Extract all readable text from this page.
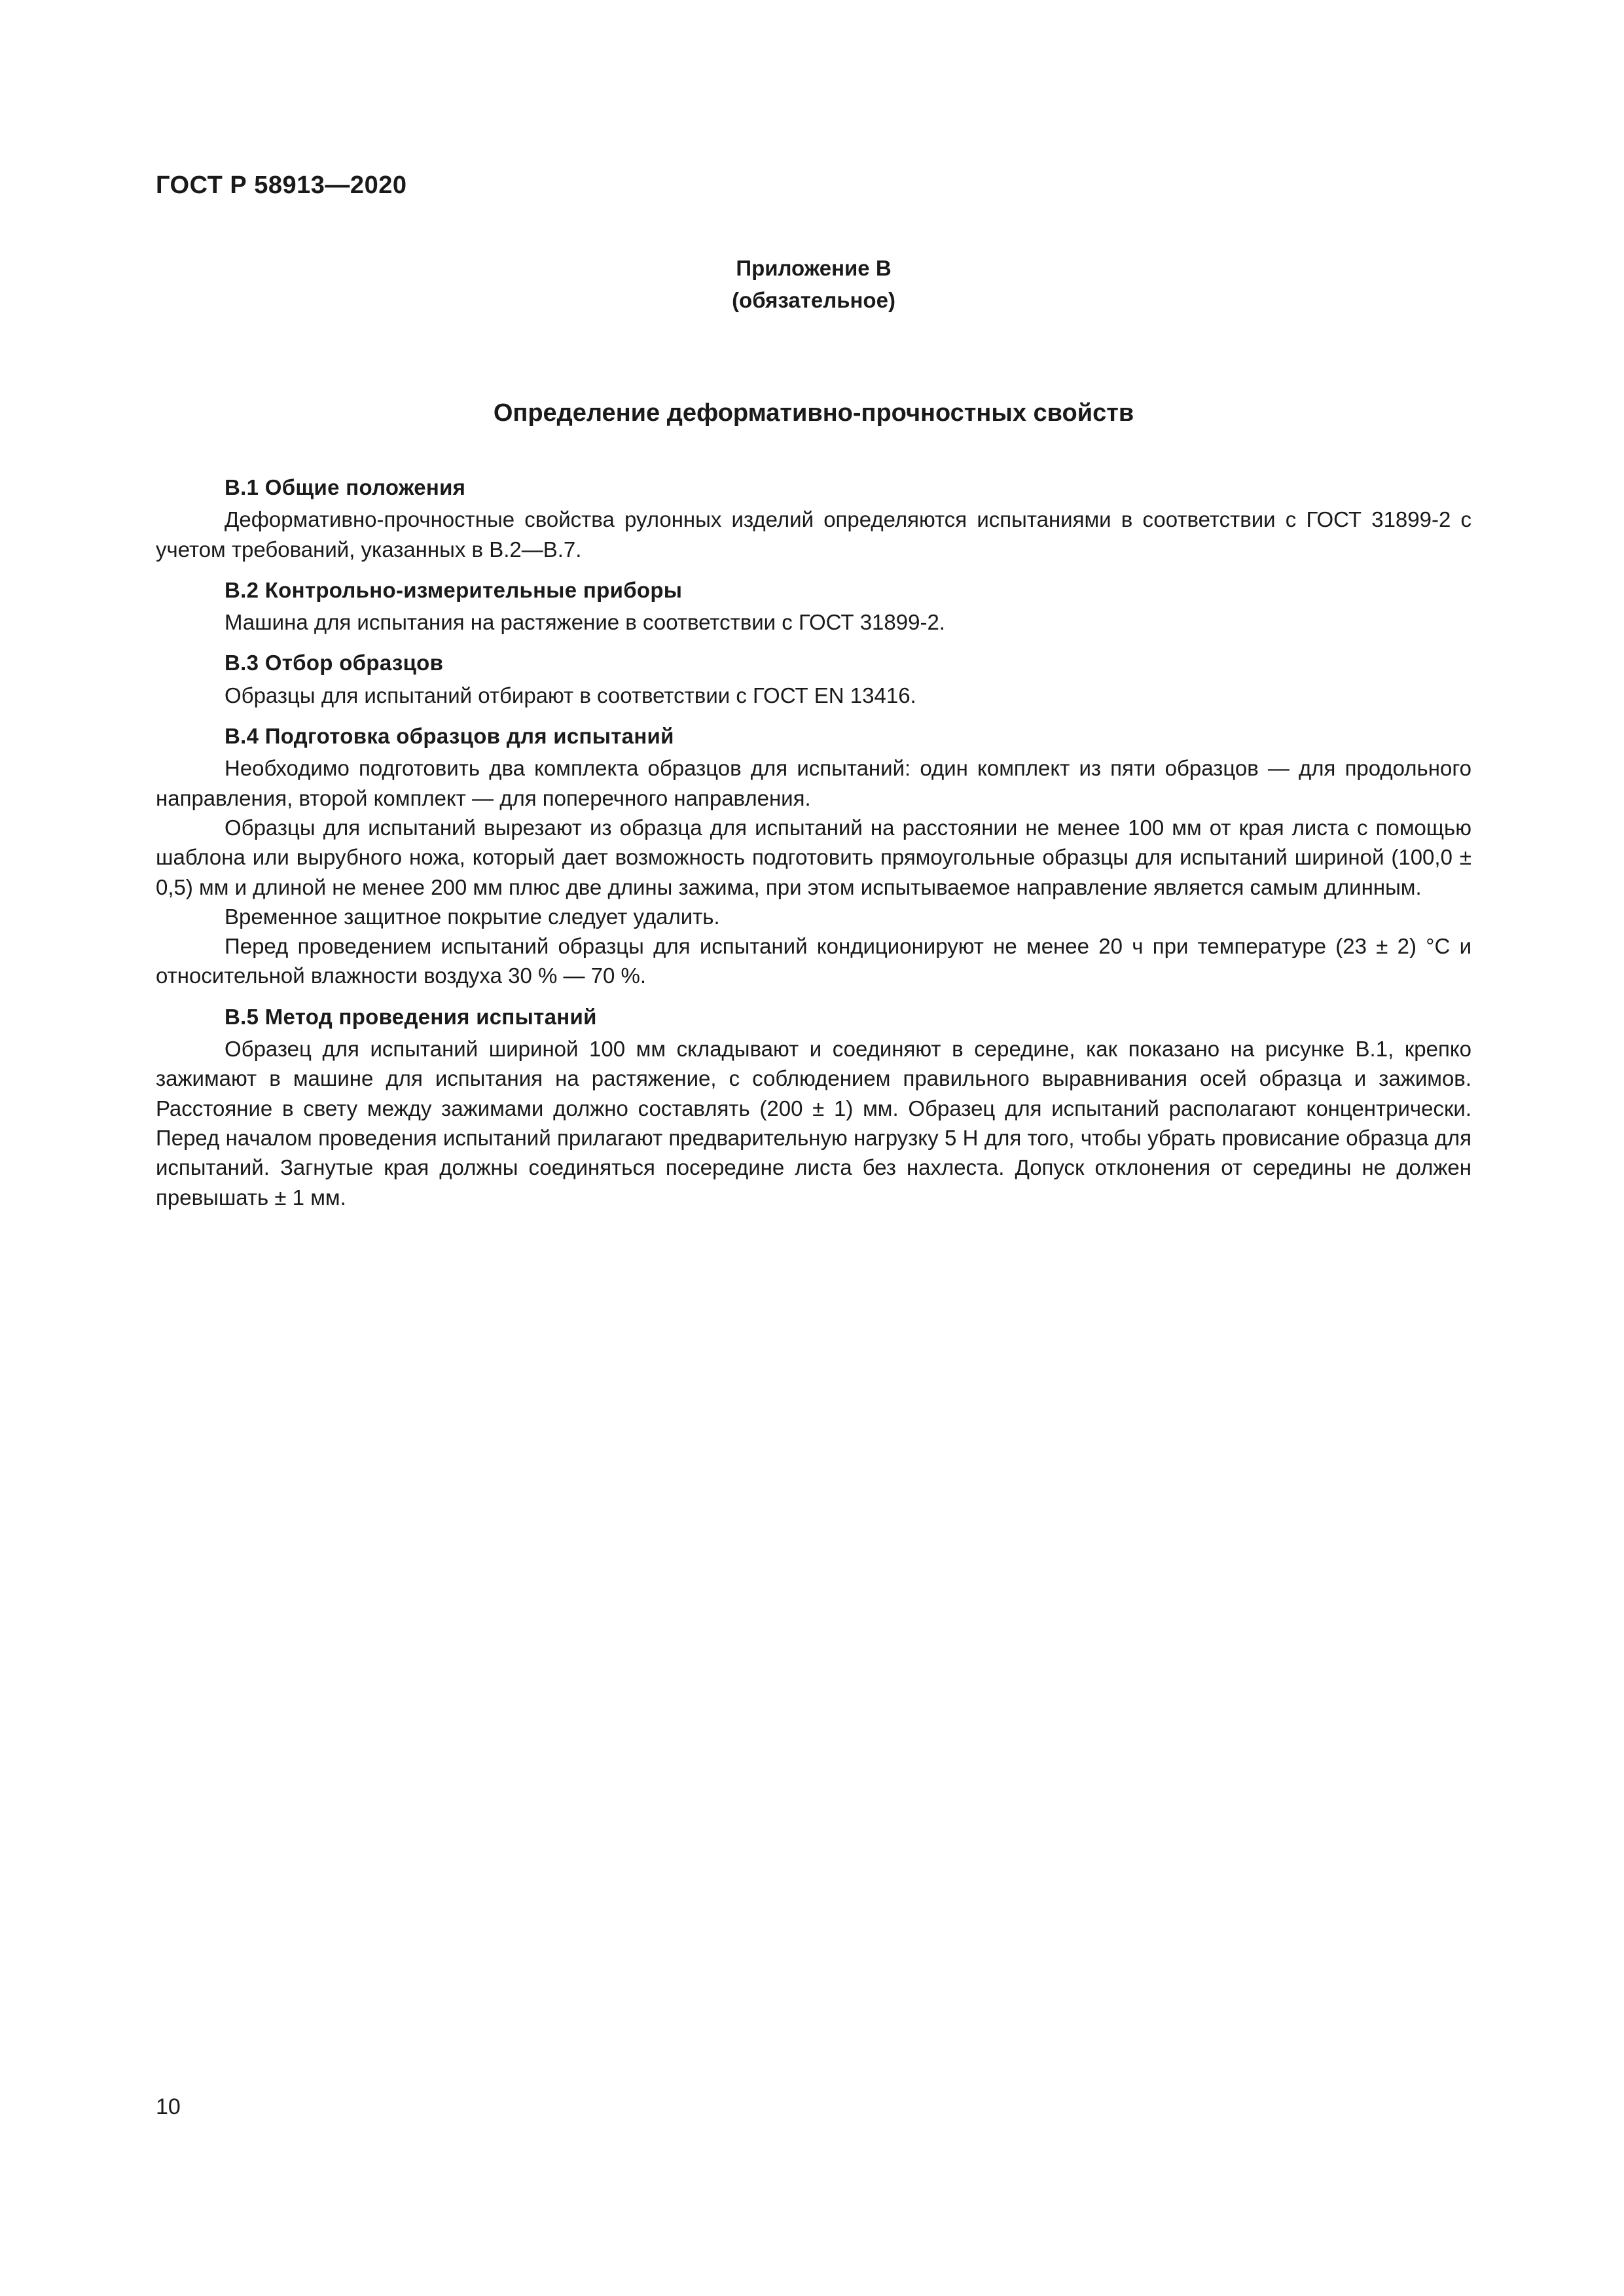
ГОСТ Р 58913—2020
Приложение В
(обязательное)
Определение деформативно-прочностных свойств

В.1 Общие положения

Деформативно-прочностные свойства рулонных изделий определяются испытаниями в соответствии с ГОСТ 31899-2 с учетом требований, указанных в В.2—В.7.

В.2 Контрольно-измерительные приборы

Машина для испытания на растяжение в соответствии с ГОСТ 31899-2.

В.3 Отбор образцов

Образцы для испытаний отбирают в соответствии с ГОСТ EN 13416.

В.4 Подготовка образцов для испытаний

Необходимо подготовить два комплекта образцов для испытаний: один комплект из пяти образцов — для продольного направления, второй комплект — для поперечного направления.

Образцы для испытаний вырезают из образца для испытаний на расстоянии не менее 100 мм от края листа с помощью шаблона или вырубного ножа, который дает возможность подготовить прямоугольные образцы для испытаний шириной (100,0 ± 0,5) мм и длиной не менее 200 мм плюс две длины зажима, при этом испытываемое направление является самым длинным.

Временное защитное покрытие следует удалить.

Перед проведением испытаний образцы для испытаний кондиционируют не менее 20 ч при температуре (23 ± 2) °С и относительной влажности воздуха 30 % — 70 %.

В.5 Метод проведения испытаний

Образец для испытаний шириной 100 мм складывают и соединяют в середине, как показано на рисунке В.1, крепко зажимают в машине для испытания на растяжение, с соблюдением правильного выравнивания осей образца и зажимов. Расстояние в свету между зажимами должно составлять (200 ± 1) мм. Образец для испытаний располагают концентрически. Перед началом проведения испытаний прилагают предварительную нагрузку 5 Н для того, чтобы убрать провисание образца для испытаний. Загнутые края должны соединяться посередине листа без нахлеста. Допуск отклонения от середины не должен превышать ± 1 мм.

10
